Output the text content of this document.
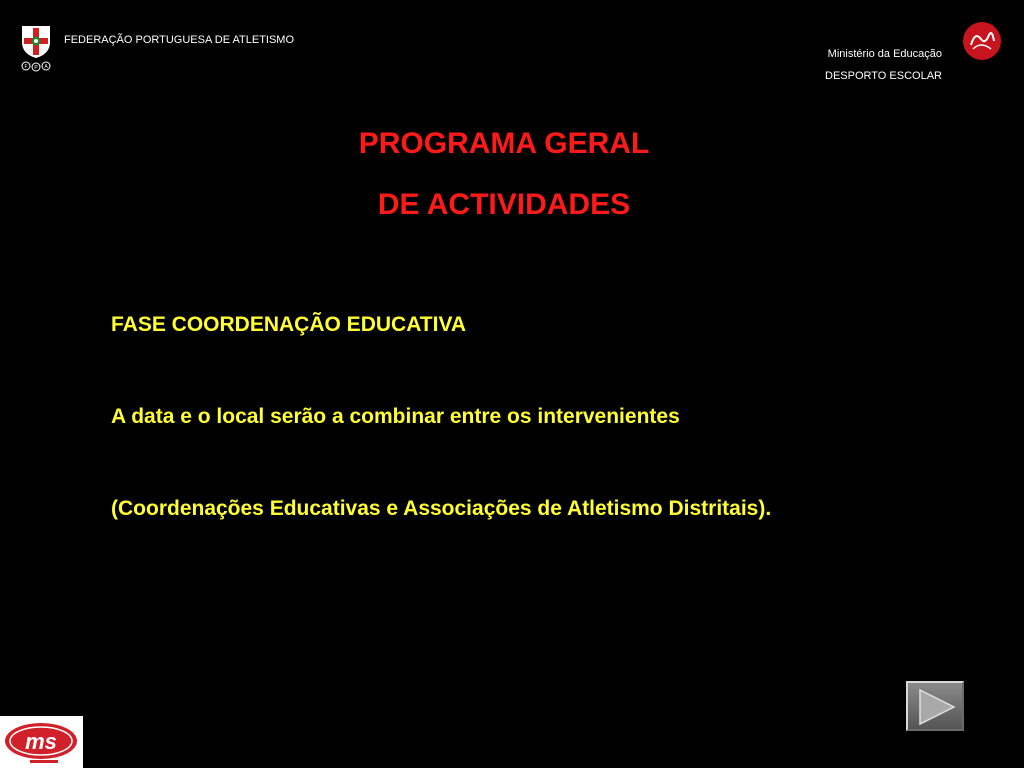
F P A
FEDERAÇÃO PORTUGUESA DE ATLETISMO
Ministério da Educação
DESPORTO ESCOLAR
PROGRAMA GERAL
DE ACTIVIDADES
FASE COORDENAÇÃO EDUCATIVA
A data e o local serão a combinar entre os intervenientes
(Coordenações Educativas e Associações de Atletismo Distritais).
ms
